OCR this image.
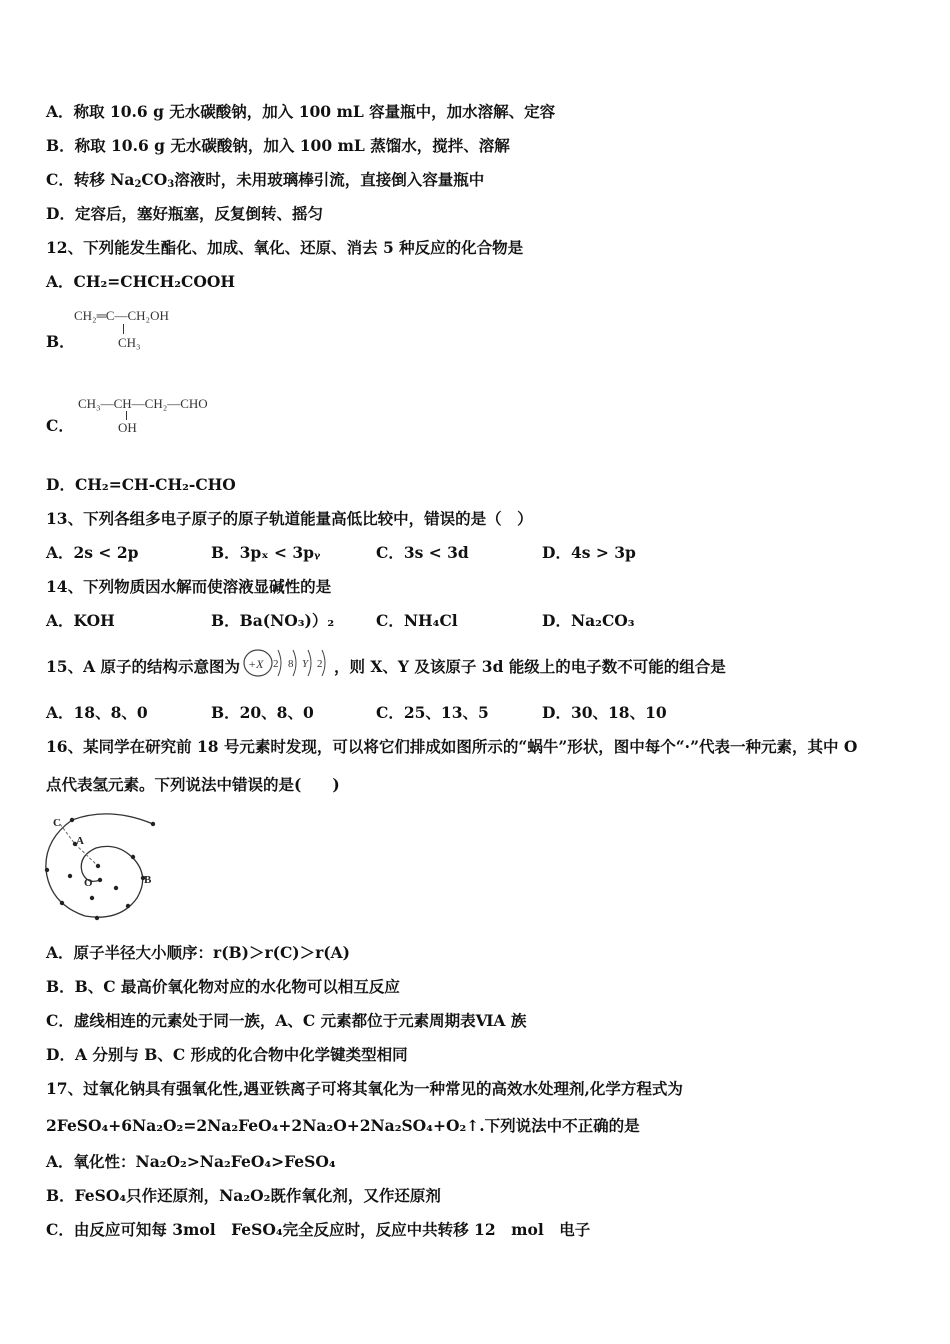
A．称取 10.6 g 无水碳酸钠，加入 100 mL 容量瓶中，加水溶解、定容
B．称取 10.6 g 无水碳酸钠，加入 100 mL 蒸馏水，搅拌、溶解
C．转移 $Na_2CO_3$溶液时，未用玻璃棒引流，直接倒入容量瓶中
D．定容后，塞好瓶塞，反复倒转、摇匀
12、下列能发生酯化、加成、氧化、还原、消去 5 种反应的化合物是
A．CH₂=CHCH₂COOH
B．
CH₂═C—CH₂OH
CH₃
C．
CH₃—CH—CH₂—CHO
OH
D．CH₂=CH-CH₂-CHO
13、下列各组多电子原子的原子轨道能量高低比较中，错误的是（　）
A．2s < 2p	B．3pₓ < 3pᵧ	C．3s < 3d	D．4s > 3p
14、下列物质因水解而使溶液显碱性的是
A．KOH	B．Ba(NO₃)）₂	C．NH₄Cl	D．Na₂CO₃
15、A 原子的结构示意图为 +X 2 8 Y 2 ，则 X、Y 及该原子 3d 能级上的电子数不可能的组合是
A．18、8、0	B．20、8、0	C．25、13、5	D．30、18、10
16、某同学在研究前 18 号元素时发现，可以将它们排成如图所示的“蜗牛”形状，图中每个“·”代表一种元素，其中 O
点代表氢元素。下列说法中错误的是(　　)
C
A
O	B
A．原子半径大小顺序：r(B)＞r(C)＞r(A)
B．B、C 最高价氧化物对应的水化物可以相互反应
C．虚线相连的元素处于同一族，A、C 元素都位于元素周期表ⅥA 族
D．A 分别与 B、C 形成的化合物中化学键类型相同
17、过氧化钠具有强氧化性,遇亚铁离子可将其氧化为一种常见的高效水处理剂,化学方程式为
2FeSO₄+6Na₂O₂=2Na₂FeO₄+2Na₂O+2Na₂SO₄+O₂↑.下列说法中不正确的是
A．氧化性：Na₂O₂>Na₂FeO₄>FeSO₄
B．FeSO₄只作还原剂，Na₂O₂既作氧化剂，又作还原剂
C．由反应可知每 3mol　FeSO₄完全反应时，反应中共转移 12　mol　电子
